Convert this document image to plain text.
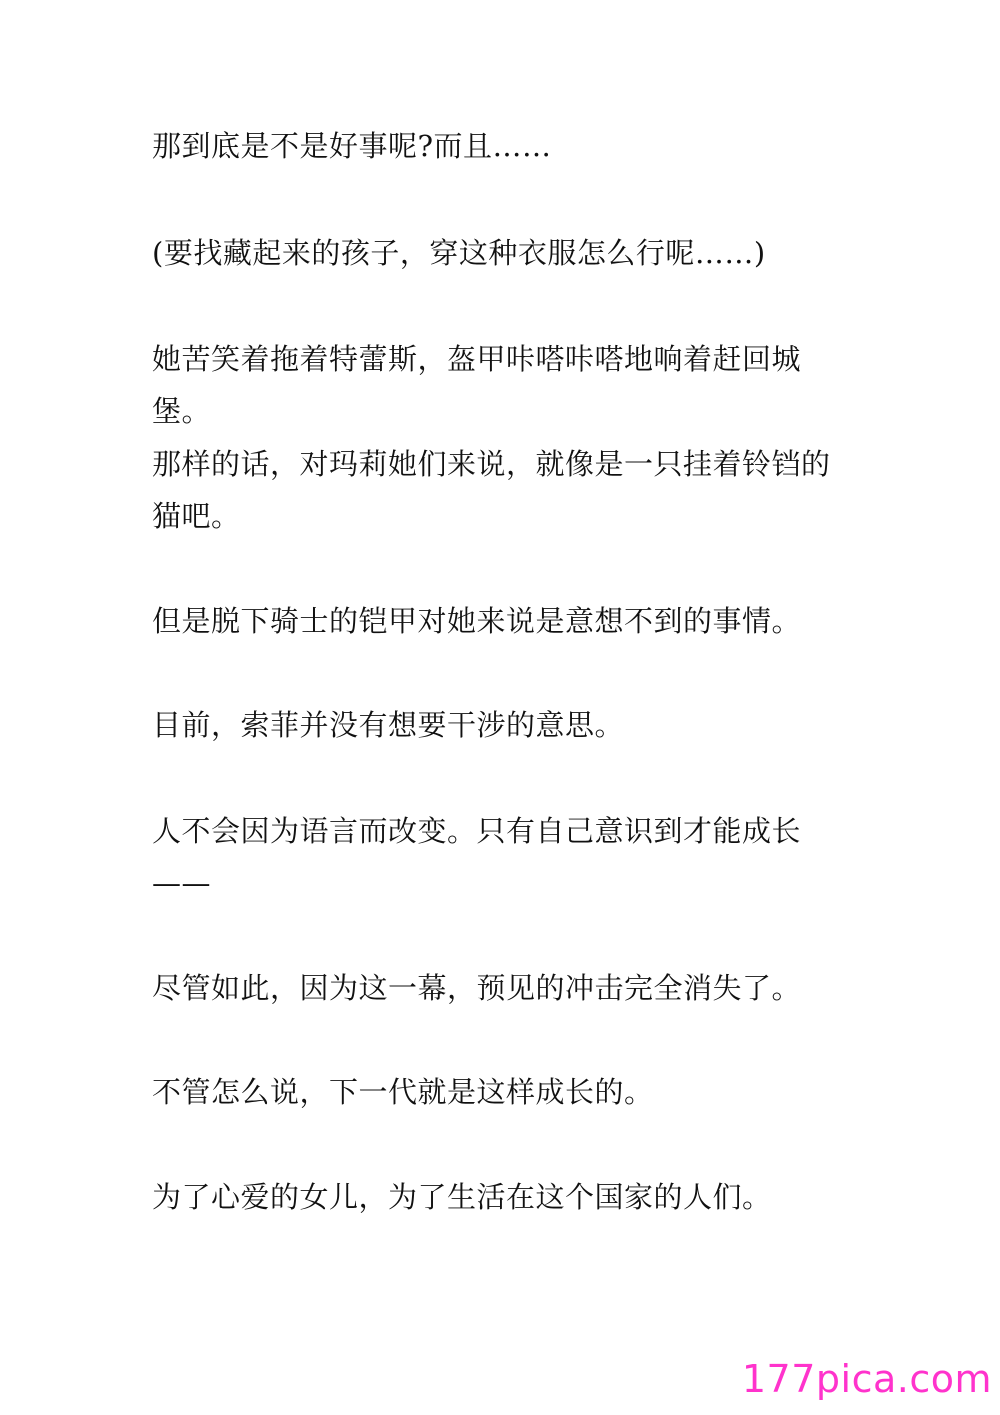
那到底是不是好事呢?而且……

(要找藏起来的孩子，穿这种衣服怎么行呢……)

她苦笑着拖着特蕾斯，盔甲咔嗒咔嗒地响着赶回城堡。

那样的话，对玛莉她们来说，就像是一只挂着铃铛的猫吧。

但是脱下骑士的铠甲对她来说是意想不到的事情。

目前，索菲并没有想要干涉的意思。

人不会因为语言而改变。只有自己意识到才能成长——

尽管如此，因为这一幕，预见的冲击完全消失了。

不管怎么说，下一代就是这样成长的。

为了心爱的女儿，为了生活在这个国家的人们。

177pica.com
